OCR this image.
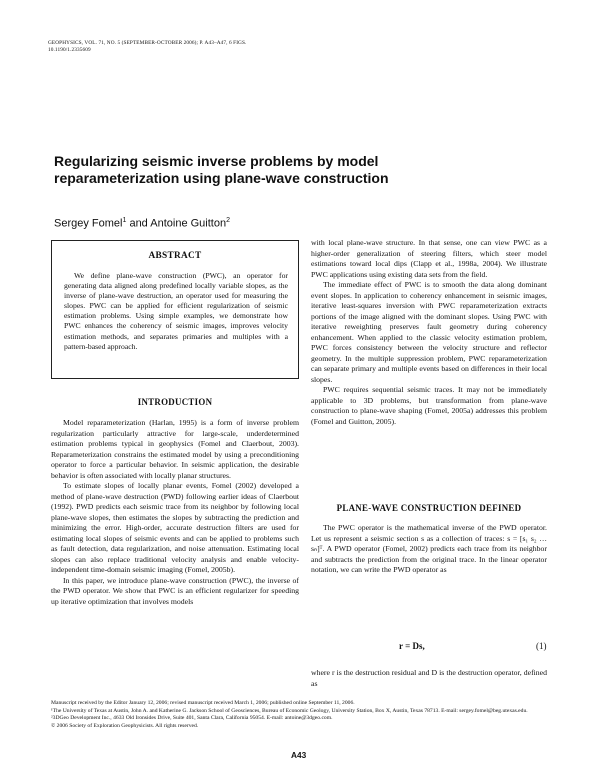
GEOPHYSICS, VOL. 71, NO. 5 (SEPTEMBER-OCTOBER 2006); P. A43–A47, 6 FIGS.
10.1190/1.2335609
Regularizing seismic inverse problems by model reparameterization using plane-wave construction
Sergey Fomel$^1$ and Antoine Guitton$^2$
ABSTRACT

We define plane-wave construction (PWC), an operator for generating data aligned along predefined locally variable slopes, as the inverse of plane-wave destruction, an operator used for measuring the slopes. PWC can be applied for efficient regularization of seismic estimation problems. Using simple examples, we demonstrate how PWC enhances the coherency of seismic images, improves velocity estimation methods, and separates primaries and multiples with a pattern-based approach.

INTRODUCTION

Model reparameterization (Harlan, 1995) is a form of inverse problem regularization particularly attractive for large-scale, underdetermined estimation problems typical in geophysics (Fomel and Claerbout, 2003). Reparameterization constrains the estimated model by using a preconditioning operator to force a particular behavior. In seismic application, the desirable behavior is often associated with locally planar structures.

To estimate slopes of locally planar events, Fomel (2002) developed a method of plane-wave destruction (PWD) following earlier ideas of Claerbout (1992). PWD predicts each seismic trace from its neighbor by following local plane-wave slopes, then estimates the slopes by subtracting the prediction and minimizing the error. High-order, accurate destruction filters are used for estimating local slopes of seismic events and can be applied to problems such as fault detection, data regularization, and noise attenuation. Estimating local slopes can also replace traditional velocity analysis and enable velocity-independent time-domain seismic imaging (Fomel, 2005b).

In this paper, we introduce plane-wave construction (PWC), the inverse of the PWD operator. We show that PWC is an efficient regularizer for speeding up iterative optimization that involves models

with local plane-wave structure. In that sense, one can view PWC as a higher-order generalization of steering filters, which steer model estimations toward local dips (Clapp et al., 1998a, 2004). We illustrate PWC applications using existing data sets from the field.

The immediate effect of PWC is to smooth the data along dominant event slopes. In application to coherency enhancement in seismic images, iterative least-squares inversion with PWC reparameterization extracts portions of the image aligned with the dominant slopes. Using PWC with iterative reweighting preserves fault geometry during coherency enhancement. When applied to the classic velocity estimation problem, PWC forces consistency between the velocity structure and reflector geometry. In the multiple suppression problem, PWC reparameterization can separate primary and multiple events based on differences in their local slopes.

PWC requires sequential seismic traces. It may not be immediately applicable to 3D problems, but transformation from plane-wave construction to plane-wave shaping (Fomel, 2005a) addresses this problem (Fomel and Guitton, 2005).

PLANE-WAVE CONSTRUCTION DEFINED

The PWC operator is the mathematical inverse of the PWD operator. Let us represent a seismic section s as a collection of traces: s = [s₁ s₂ … sₙ]ᵀ. A PWD operator (Fomel, 2002) predicts each trace from its neighbor and subtracts the prediction from the original trace. In the linear operator notation, we can write the PWD operator as

r = Ds,	(1)

where r is the destruction residual and D is the destruction operator, defined as

Manuscript received by the Editor January 12, 2006; revised manuscript received March 1, 2006; published online September 11, 2006.
¹The University of Texas at Austin, John A. and Katherine G. Jackson School of Geosciences, Bureau of Economic Geology, University Station, Box X, Austin, Texas 78713. E-mail: sergey.fomel@beg.utexas.edu.
²3DGeo Development Inc., 4633 Old Ironsides Drive, Suite 401, Santa Clara, California 95054. E-mail: antoine@3dgeo.com.
© 2006 Society of Exploration Geophysicists. All rights reserved.
A43
